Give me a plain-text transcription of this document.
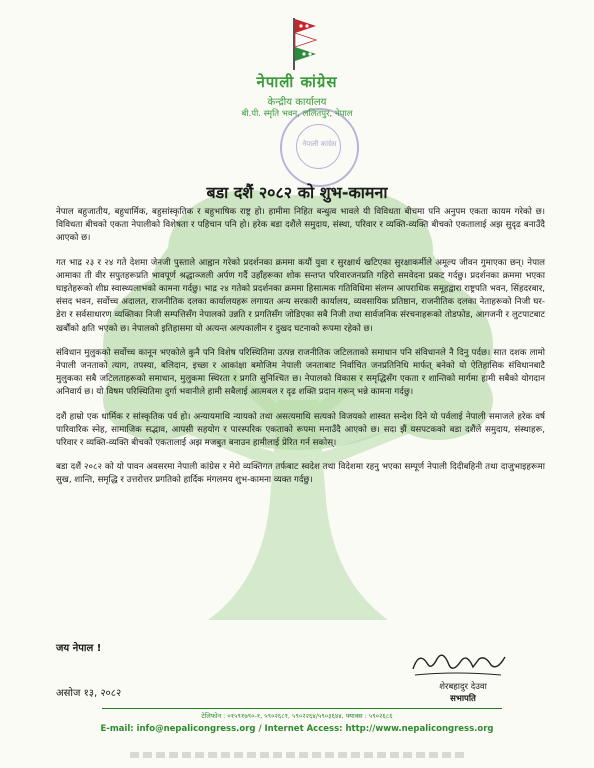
नेपाली कांग्रेस
केन्द्रीय कार्यालय
बी.पी. स्मृति भवन, ललितपुर, नेपाल
नेपाली कांग्रेस
बडा दशैं २०८२ को शुभ-कामना

नेपाल बहुजातीय, बहुधार्मिक, बहुसांस्कृतिक र बहुभाषिक राष्ट्र हो। हामीमा निहित बन्धुत्व भावले यी विविधता बीचमा पनि अनुपम एकता कायम गरेको छ। विविधता बीचको एकता नेपालीको विशेषता र पहिचान पनि हो। हरेक बडा दशैंले समुदाय, संस्था, परिवार र व्यक्ति-व्यक्ति बीचको एकतालाई अझ सुदृढ बनाउँदै आएको छ।

गत भाद्र २३ र २४ गते देशमा जेनजी पुस्ताले आह्वान गरेको प्रदर्शनका क्रममा कयौं युवा र सुरक्षार्थ खटिएका सुरक्षाकर्मीले अमूल्य जीवन गुमाएका छन्। नेपाल आमाका ती वीर सपुतहरूप्रति भावपूर्ण श्रद्धाञ्जली अर्पण गर्दै उहाँहरूका शोक सन्तप्त परिवारजनप्रति गहिरो समवेदना प्रकट गर्दछु। प्रदर्शनका क्रममा भएका घाइतेहरूको शीघ्र स्वास्थ्यलाभको कामना गर्दछु। भाद्र २४ गतेको प्रदर्शनका क्रममा हिसात्मक गतिविधिमा संलग्न आपराधिक समूहद्वारा राष्ट्रपति भवन, सिंहदरबार, संसद भवन, सर्वोच्च अदालत, राजनीतिक दलका कार्यालयहरू लगायत अन्य सरकारी कार्यालय, व्यवसायिक प्रतिष्ठान, राजनीतिक दलका नेताहरूको निजी घर-डेरा र सर्वसाधारण व्यक्तिका निजी सम्पत्तिसँग नेपालको उन्नति र प्रगतिसँग जोडिएका सबै निजी तथा सार्वजनिक संरचनाहरूको तोडफोड, आगजनी र लुटपाटबाट खर्बौंको क्षति भएको छ। नेपालको इतिहासमा यो अत्यन्त अल्पकालीन र दुखद घटनाको रूपमा रहेको छ।

संविधान मुलुकको सर्वोच्च कानून भएकोले कुनै पनि विशेष परिस्थितिमा उत्पन्न राजनीतिक जटिलताको समाधान पनि संविधानले नै दिनु पर्दछ। सात दशक लामो नेपाली जनताको त्याग, तपस्या, बलिदान, इच्छा र आकांक्षा बमोजिम नेपाली जनताबाट निर्वाचित जनप्रतिनिधि मार्फत् बनेको यो ऐतिहासिक संविधानबाटै मुलुकका सबै जटिलताहरूको समाधान, मुलुकमा स्थिरता र प्रगति सुनिश्चित छ। नेपालको विकास र समृद्धिसँग एकता र शान्तिको मार्गमा हामी सबैको योगदान अनिवार्य छ। यो विषम परिस्थितिमा दुर्गा भवानीले हामी सबैलाई आत्मबल र दृढ शक्ति प्रदान गरून् भन्ने कामना गर्दछु।

दशैं हाम्रो एक धार्मिक र सांस्कृतिक पर्व हो। अन्यायमाथि न्यायको तथा असत्यमाथि सत्यको विजयको शास्वत सन्देश दिने यो पर्वलाई नेपाली समाजले हरेक वर्ष पारिवारिक स्नेह, सामाजिक सद्भाव, आपसी सहयोग र पारस्परिक एकताको रूपमा मनाउँदै आएको छ। सदा झैं यसपटकको बडा दशैंले समुदाय, संस्थाहरू, परिवार र व्यक्ति-व्यक्ति बीचको एकतालाई अझ मजबुत बनाउन हामीलाई प्रेरित गर्न सकोस्।

बडा दशैं २०८२ को यो पावन अवसरमा नेपाली कांग्रेस र मेरो व्यक्तिगत तर्फबाट स्वदेश तथा विदेशमा रहनु भएका सम्पूर्ण नेपाली दिदीबहिनी तथा दाजुभाइहरूमा सुख, शान्ति, समृद्धि र उत्तरोत्तर प्रगतिको हार्दिक मंगलमय शुभ-कामना व्यक्त गर्दछु।

जय नेपाल !
असोज १३, २०८२
शेरबहादुर देउवा
सभापति
टेलिफोन : ०१५९१७९०-१, ५९०२६८१, ५९०२२६४/५९०३६४४, फ्याक्स : ५९०२६८६
E-mail: info@nepalicongress.org / Internet Access: http://www.nepalicongress.org
